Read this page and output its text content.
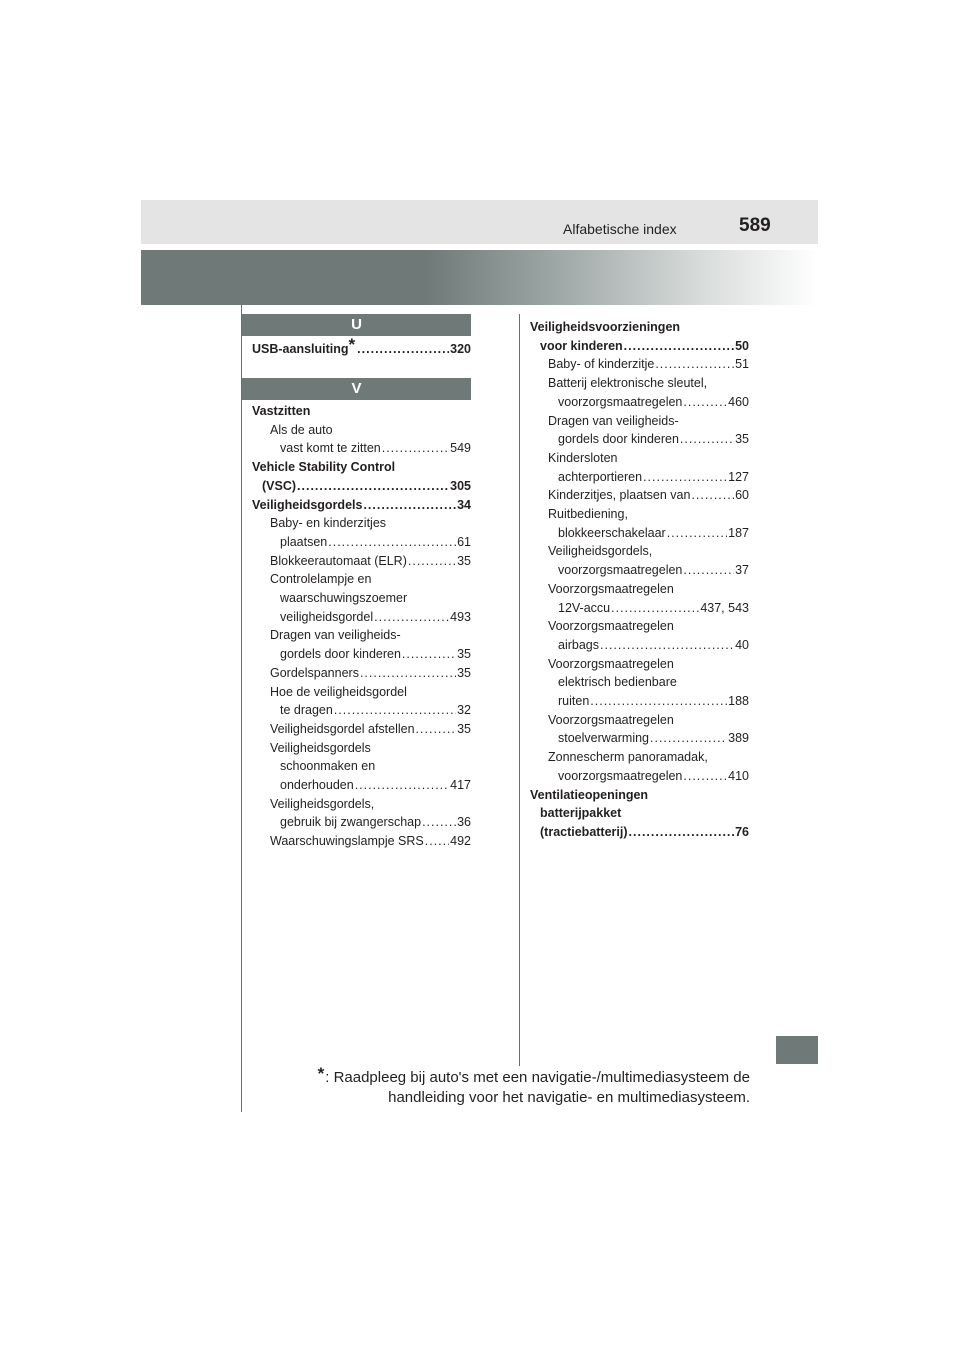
Alfabetische index	589
U
V
USB-aansluiting* .....	320
Vastzitten
Als de auto
vast komt te zitten .....	549
Vehicle Stability Control
(VSC) .....	305
Veiligheidsgordels .....	34
Baby- en kinderzitjes
plaatsen .....	61
Blokkeerautomaat (ELR) .....	35
Controlelampje en
waarschuwingszoemer
veiligheidsgordel .....	493
Dragen van veiligheids-
gordels door kinderen .....	35
Gordelspanners .....	35
Hoe de veiligheidsgordel
te dragen .....	32
Veiligheidsgordel afstellen .....	35
Veiligheidsgordels
schoonmaken en
onderhouden .....	417
Veiligheidsgordels,
gebruik bij zwangerschap .....	36
Waarschuwingslampje SRS ..... 492
Veiligheidsvoorzieningen
voor kinderen .....	50
Baby- of kinderzitje .....	51
Batterij elektronische sleutel,
voorzorgsmaatregelen .....	460
Dragen van veiligheids-
gordels door kinderen .....	35
Kindersloten
achterportieren .....	127
Kinderzitjes, plaatsen van .....	60
Ruitbediening,
blokkeerschakelaar .....	187
Veiligheidsgordels,
voorzorgsmaatregelen .....	37
Voorzorgsmaatregelen
12V-accu .....	437, 543
Voorzorgsmaatregelen
airbags .....	40
Voorzorgsmaatregelen
elektrisch bedienbare
ruiten .....	188
Voorzorgsmaatregelen
stoelverwarming .....	389
Zonnescherm panoramadak,
voorzorgsmaatregelen .....	410
Ventilatieopeningen
batterijpakket
(tractiebatterij) .....	76
*: Raadpleeg bij auto's met een navigatie-/multimediasysteem de
handleiding voor het navigatie- en multimediasysteem.
